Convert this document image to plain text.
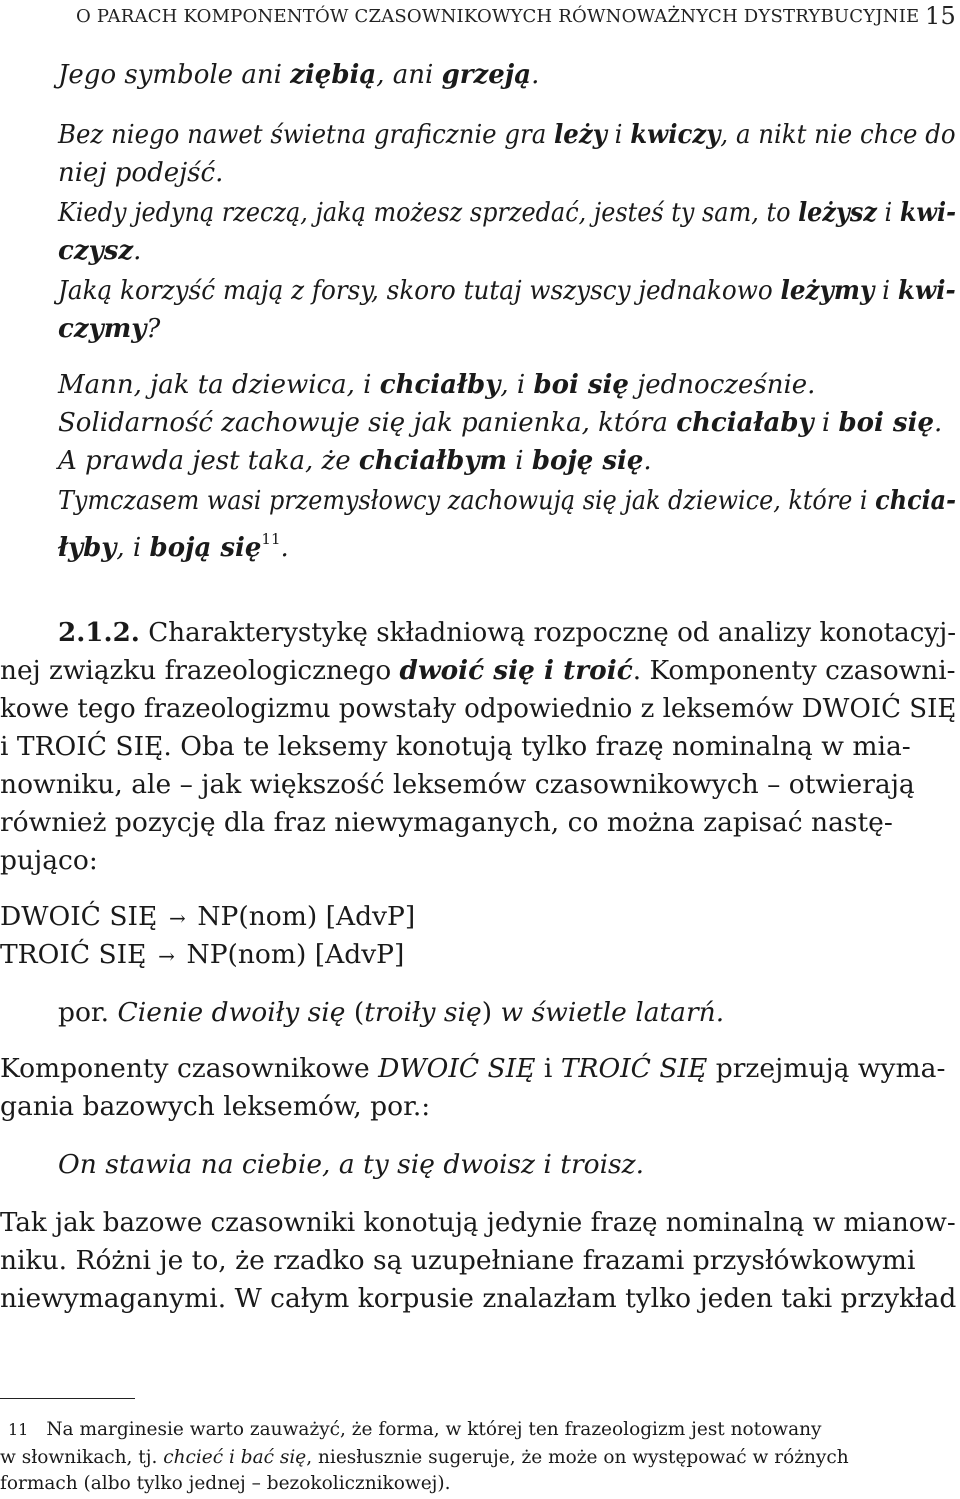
O PARACH KOMPONENTÓW CZASOWNIKOWYCH RÓWNOWAŻNYCH DYSTRYBUCYJNIE 15
Jego symbole ani ziębią, ani grzeją.
Bez niego nawet świetna graficznie gra leży i kwiczy, a nikt nie chce do
niej podejść.
Kiedy jedyną rzeczą, jaką możesz sprzedać, jesteś ty sam, to leżysz i kwi-
czysz.
Jaką korzyść mają z forsy, skoro tutaj wszyscy jednakowo leżymy i kwi-
czymy?
Mann, jak ta dziewica, i chciałby, i boi się jednocześnie.
Solidarność zachowuje się jak panienka, która chciałaby i boi się.
A prawda jest taka, że chciałbym i boję się.
Tymczasem wasi przemysłowcy zachowują się jak dziewice, które i chcia-
łyby, i boją się$^{11}$.
2.1.2. Charakterystykę składniową rozpocznę od analizy konotacyj-
nej związku frazeologicznego dwoić się i troić. Komponenty czasowni-
kowe tego frazeologizmu powstały odpowiednio z leksemów DWOIĆ SIĘ
i TROIĆ SIĘ. Oba te leksemy konotują tylko frazę nominalną w mia-
nowniku, ale – jak większość leksemów czasownikowych – otwierają
również pozycję dla fraz niewymaganych, co można zapisać nastę-
pująco:
DWOIĆ SIĘ → NP(nom) [AdvP]
TROIĆ SIĘ → NP(nom) [AdvP]
por. Cienie dwoiły się (troiły się) w świetle latarń.
Komponenty czasownikowe DWOIĆ SIĘ i TROIĆ SIĘ przejmują wyma-
gania bazowych leksemów, por.:
On stawia na ciebie, a ty się dwoisz i troisz.
Tak jak bazowe czasowniki konotują jedynie frazę nominalną w mianow-
niku. Różni je to, że rzadko są uzupełniane frazami przysłówkowymi
niewymaganymi. W całym korpusie znalazłam tylko jeden taki przykład
11 Na marginesie warto zauważyć, że forma, w której ten frazeologizm jest notowany
w słownikach, tj. chcieć i bać się, niesłusznie sugeruje, że może on występować w różnych
formach (albo tylko jednej – bezokolicznikowej).
